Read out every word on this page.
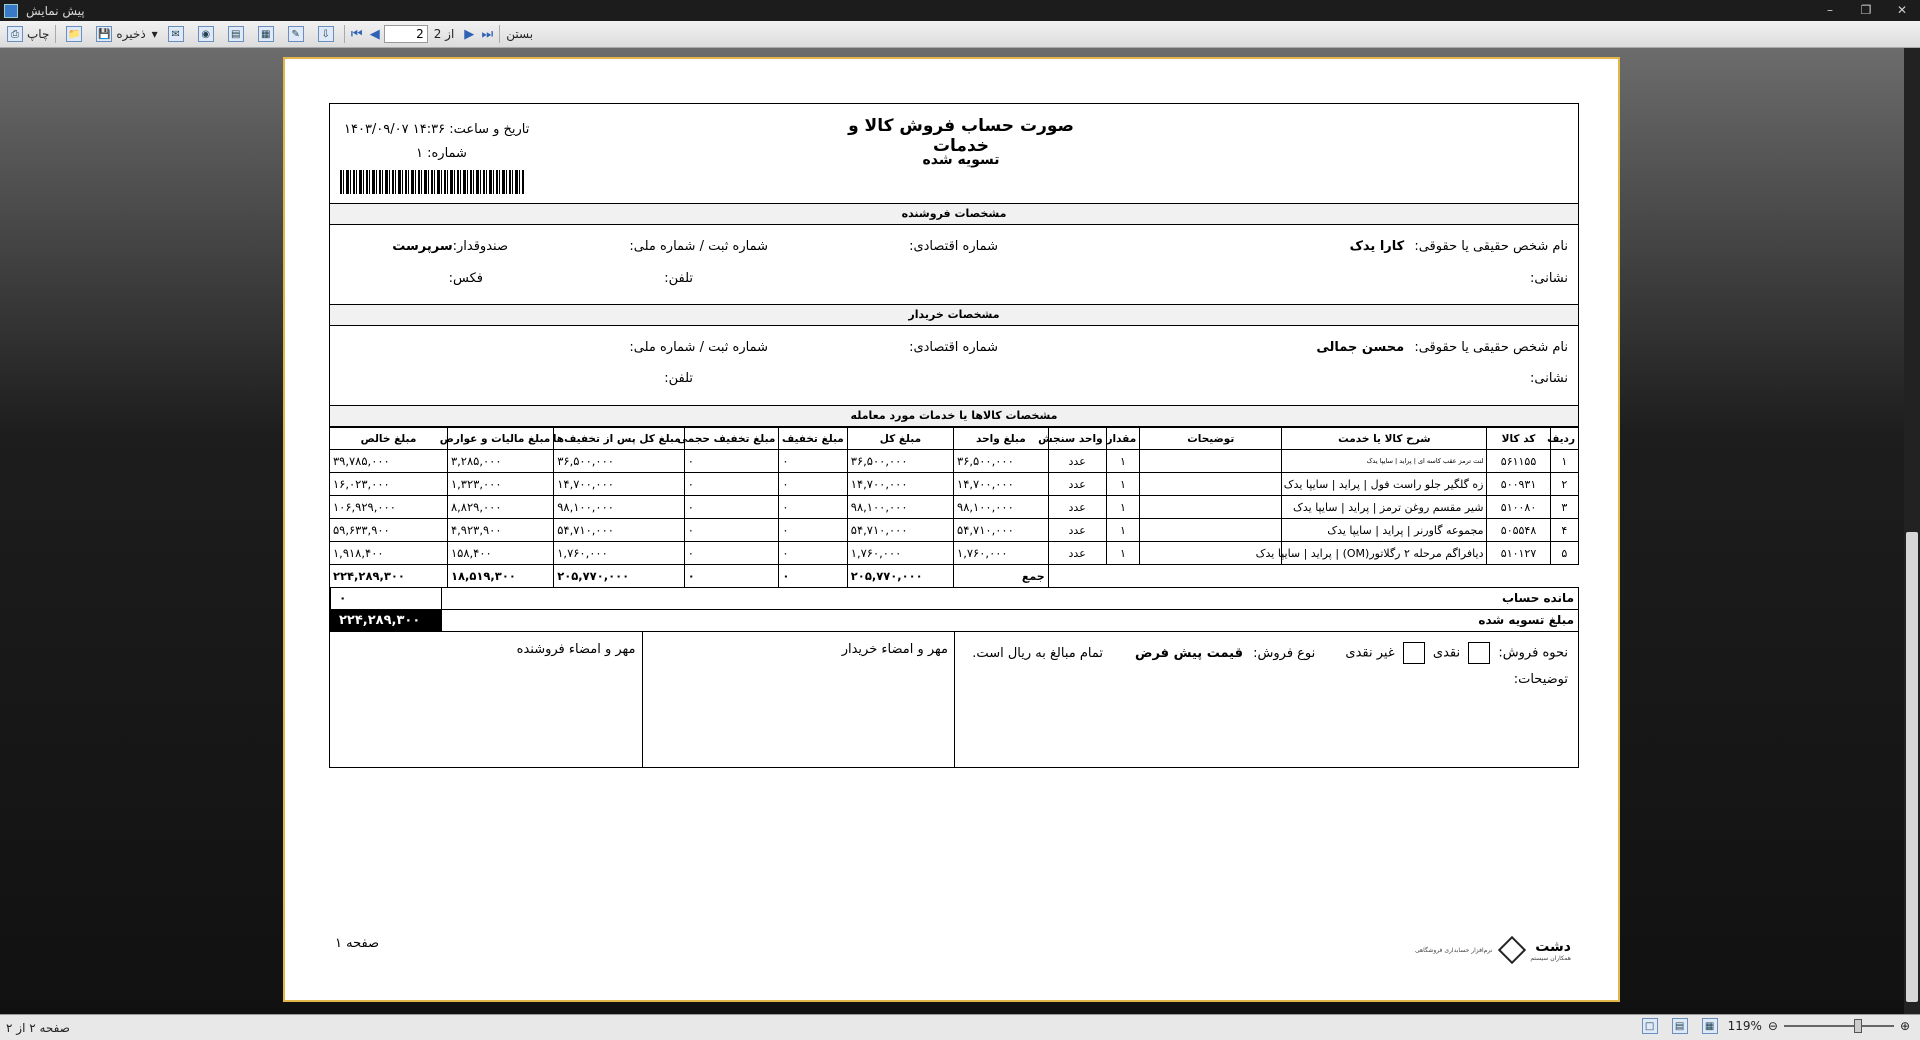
پیش نمایش	–	❐	✕
⎙ چاپ 📁 💾 ذخیره ▾	✉	◉	▤	▦	✎	⇩ ⏮ ◀
2	از 2 ▶ ⏭ بستن
صورت حساب فروش کالا و خدمات
تسویه شده
تاریخ و ساعت: ۱۴:۳۶ ۱۴۰۳/۰۹/۰۷
شماره: ۱
مشخصات فروشنده
نام شخص حقیقی یا حقوقی: کارا یدک
شماره اقتصادی:
شماره ثبت / شماره ملی:
صندوقدار:سرپرست
نشانی:
تلفن:
فکس:
مشخصات خریدار
نام شخص حقیقی یا حقوقی: محسن جمالی
شماره اقتصادی:
شماره ثبت / شماره ملی:
نشانی:
تلفن:
مشخصات کالاها یا خدمات مورد معامله
ردیف	کد کالا	شرح کالا یا خدمت	توضیحات	مقدار	واحد سنجش	مبلغ واحد	مبلغ کل	مبلغ تخفیف	مبلغ تخفیف حجمی	مبلغ کل پس از تخفیف‌ها	مبلغ مالیات و عوارض	مبلغ خالص
۱	۵۶۱۱۵۵	لنت ترمز عقب کاسه ای | پراید | سایپا یدک		۱	عدد	۳۶,۵۰۰,۰۰۰	۳۶,۵۰۰,۰۰۰	۰	۰	۳۶,۵۰۰,۰۰۰	۳,۲۸۵,۰۰۰	۳۹,۷۸۵,۰۰۰
۲	۵۰۰۹۳۱	زه گلگیر جلو راست فول | پراید | سایپا یدک		۱	عدد	۱۴,۷۰۰,۰۰۰	۱۴,۷۰۰,۰۰۰	۰	۰	۱۴,۷۰۰,۰۰۰	۱,۳۲۳,۰۰۰	۱۶,۰۲۳,۰۰۰
۳	۵۱۰۰۸۰	شیر مقسم روغن ترمز | پراید | سایپا یدک		۱	عدد	۹۸,۱۰۰,۰۰۰	۹۸,۱۰۰,۰۰۰	۰	۰	۹۸,۱۰۰,۰۰۰	۸,۸۲۹,۰۰۰	۱۰۶,۹۲۹,۰۰۰
۴	۵۰۵۵۴۸	مجموعه گاورنر | پراید | سایپا یدک		۱	عدد	۵۴,۷۱۰,۰۰۰	۵۴,۷۱۰,۰۰۰	۰	۰	۵۴,۷۱۰,۰۰۰	۴,۹۲۳,۹۰۰	۵۹,۶۳۳,۹۰۰
۵	۵۱۰۱۲۷	دیافراگم مرحله ۲ رگلاتور(OM) | پراید | سایپا یدک		۱	عدد	۱,۷۶۰,۰۰۰	۱,۷۶۰,۰۰۰	۰	۰	۱,۷۶۰,۰۰۰	۱۵۸,۴۰۰	۱,۹۱۸,۴۰۰
						جمع	۲۰۵,۷۷۰,۰۰۰	۰	۰	۲۰۵,۷۷۰,۰۰۰	۱۸,۵۱۹,۳۰۰	۲۲۴,۲۸۹,۳۰۰
مانده حساب
۰
مبلغ تسویه شده
۲۲۴,۲۸۹,۳۰۰
نحوه فروش:  نقدی  غیر نقدی نوع فروش: قیمت پیش فرض
تمام مبالغ به ریال است.
توضیحات:
مهر و امضاء خریدار
مهر و امضاء فروشنده
صفحه ۱	نرم‌افزار حسابداری فروشگاهی	دشت
همکاران سیستم
صفحه ۲ از ۲	□	▤	▦ 119% ⊖	⊕
